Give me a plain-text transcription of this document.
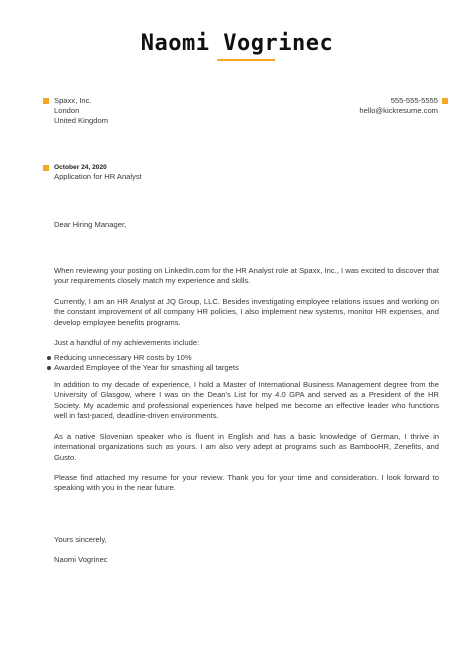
Naomi Vogrinec
Spaxx, Inc.
London
United Kingdom
555-555-5555
hello@kickresume.com
October 24, 2020
Application for HR Analyst
Dear Hiring Manager,
When reviewing your posting on LinkedIn.com for the HR Analyst role at Spaxx, Inc., I was excited to discover that your requirements closely match my experience and skills.
Currently, I am an HR Analyst at JQ Group, LLC. Besides investigating employee relations issues and working on the constant improvement of all company HR policies, I also implement new systems, monitor HR expenses, and develop employee benefits programs.
Just a handful of my achievements include:
Reducing unnecessary HR costs by 10%
Awarded Employee of the Year for smashing all targets
In addition to my decade of experience, I hold a Master of International Business Management degree from the University of Glasgow, where I was on the Dean's List for my 4.0 GPA and served as a President of the HR Society. My academic and professional experiences have helped me become an effective leader who functions well in fast-paced, deadline-driven environments.
As a native Slovenian speaker who is fluent in English and has a basic knowledge of German, I thrive in international organizations such as yours. I am also very adept at programs such as BambooHR, Zenefits, and Gusto.
Please find attached my resume for your review. Thank you for your time and consideration. I look forward to speaking with you in the near future.
Yours sincerely,
Naomi Vogrinec
